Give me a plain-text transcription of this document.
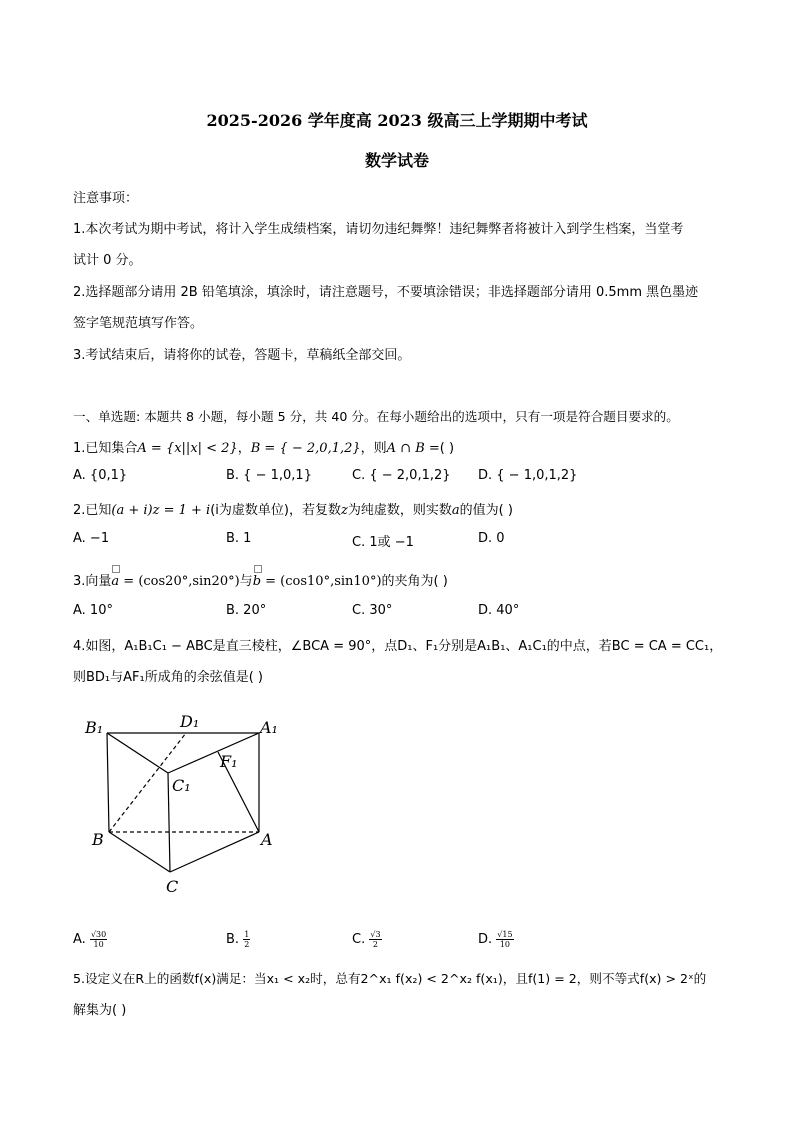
2025-2026 学年度高 2023 级高三上学期期中考试
数学试卷
注意事项：
1.本次考试为期中考试，将计入学生成绩档案，请切勿违纪舞弊！违纪舞弊者将被计入到学生档案，当堂考
试计 0 分。
2.选择题部分请用 2B 铅笔填涂，填涂时，请注意题号，不要填涂错误；非选择题部分请用 0.5mm 黑色墨迹
签字笔规范填写作答。
3.考试结束后，请将你的试卷，答题卡，草稿纸全部交回。
一、单选题: 本题共 8 小题，每小题 5 分，共 40 分。在每小题给出的选项中，只有一项是符合题目要求的。
1.已知集合A = {x||x| < 2}，B = { − 2,0,1,2}，则A ∩ B =( )
A. {0,1}	B. { − 1,0,1}	C. { − 2,0,1,2} D. { − 1,0,1,2}
2.已知(a + i)z = 1 + i(i为虚数单位)，若复数z为纯虚数，则实数a的值为( )
A. −1	B. 1	C. 1或 −1	D. 0
3.向量
a = (cos20°,sin20°)与
b = (cos10°,sin10°)的夹角为( )
A. 10°	B. 20°	C. 30°	D. 40°
4.如图，A₁B₁C₁ − ABC是直三棱柱，∠BCA = 90°，点D₁、F₁分别是A₁B₁、A₁C₁的中点，若BC = CA = CC₁，
则BD₁与AF₁所成角的余弦值是( )
B₁	D₁	A₁
F₁
C₁
B	A
C
A. $\frac{√30}{10}$	B. $\frac{1}{2}$	C. $\frac{√3}{2}$	D. $\frac{√15}{10}$
5.设定义在R上的函数f(x)满足：当x₁ < x₂时，总有2^x₁ f(x₂) < 2^x₂ f(x₁)，且f(1) = 2，则不等式f(x) > 2ˣ的
解集为( )
